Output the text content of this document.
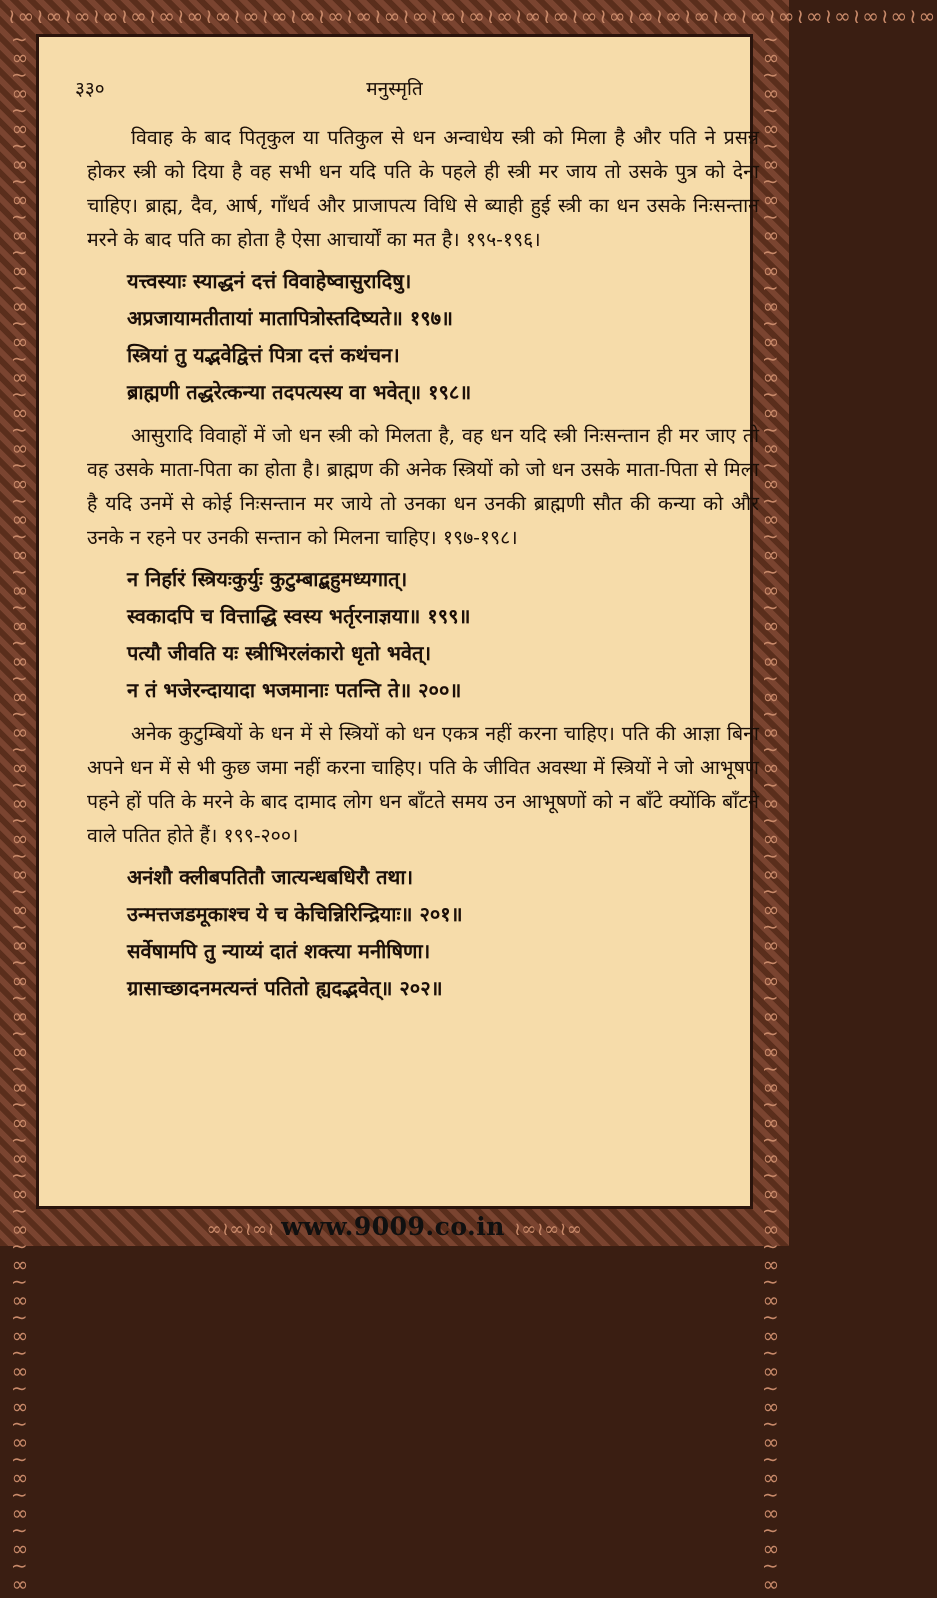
≀∞≀∞≀∞≀∞≀∞≀∞≀∞≀∞≀∞≀∞≀∞≀∞≀∞≀∞≀∞≀∞≀∞≀∞≀∞≀∞≀∞≀∞≀∞≀∞≀∞≀∞≀∞≀∞≀∞≀∞≀∞≀∞≀∞
≀∞≀∞≀∞≀∞≀∞≀∞≀∞≀∞≀∞≀∞≀∞≀∞≀∞≀∞≀∞≀∞≀∞≀∞≀∞≀∞≀∞≀∞≀∞≀∞≀∞≀∞≀∞≀∞≀∞≀∞≀∞≀∞≀∞≀∞≀∞≀∞≀∞≀∞≀∞≀∞≀∞≀∞≀∞≀∞	≀∞≀∞≀∞≀∞≀∞≀∞≀∞≀∞≀∞≀∞≀∞≀∞≀∞≀∞≀∞≀∞≀∞≀∞≀∞≀∞≀∞≀∞≀∞≀∞≀∞≀∞≀∞≀∞≀∞≀∞≀∞≀∞≀∞≀∞≀∞≀∞≀∞≀∞≀∞≀∞≀∞≀∞≀∞≀∞
३३०	मनुस्मृति

विवाह के बाद पितृकुल या पतिकुल से धन अन्वाधेय स्त्री को मिला है और पति ने प्रसन्न होकर स्त्री को दिया है वह सभी धन यदि पति के पहले ही स्त्री मर जाय तो उसके पुत्र को देना चाहिए। ब्राह्म, दैव, आर्ष, गाँधर्व और प्राजापत्य विधि से ब्याही हुई स्त्री का धन उसके निःसन्तान मरने के बाद पति का होता है ऐसा आचार्यों का मत है। १९५-१९६।

यत्त्वस्याः स्याद्धनं दत्तं विवाहेष्वासुरादिषु।
अप्रजायामतीतायां मातापित्रोस्तदिष्यते॥ १९७॥
स्त्रियां तु यद्भवेद्वित्तं पित्रा दत्तं कथंचन।
ब्राह्मणी तद्धरेत्कन्या तदपत्यस्य वा भवेत्॥ १९८॥

आसुरादि विवाहों में जो धन स्त्री को मिलता है, वह धन यदि स्त्री निःसन्तान ही मर जाए तो वह उसके माता-पिता का होता है। ब्राह्मण की अनेक स्त्रियों को जो धन उसके माता-पिता से मिला है यदि उनमें से कोई निःसन्तान मर जाये तो उनका धन उनकी ब्राह्मणी सौत की कन्या को और उनके न रहने पर उनकी सन्तान को मिलना चाहिए। १९७-१९८।

न निर्हारं स्त्रियःकुर्युः कुटुम्बाद्बहुमध्यगात्।
स्वकादपि च वित्ताद्धि स्वस्य भर्तृरनाज्ञया॥ १९९॥
पत्यौ जीवति यः स्त्रीभिरलंकारो धृतो भवेत्।
न तं भजेरन्दायादा भजमानाः पतन्ति ते॥ २००॥

अनेक कुटुम्बियों के धन में से स्त्रियों को धन एकत्र नहीं करना चाहिए। पति की आज्ञा बिना अपने धन में से भी कुछ जमा नहीं करना चाहिए। पति के जीवित अवस्था में स्त्रियों ने जो आभूषण पहने हों पति के मरने के बाद दामाद लोग धन बाँटते समय उन आभूषणों को न बाँटे क्योंकि बाँटने वाले पतित होते हैं। १९९-२००।

अनंशौ क्लीबपतितौ जात्यन्धबधिरौ तथा।
उन्मत्तजडमूकाश्च ये च केचिन्निरिन्द्रियाः॥ २०१॥
सर्वेषामपि तु न्याय्यं दातं शक्त्या मनीषिणा।
ग्रासाच्छादनमत्यन्तं पतितो ह्यदद्भवेत्॥ २०२॥
∞≀∞≀∞≀ www.9009.co.in ≀∞≀∞≀∞
